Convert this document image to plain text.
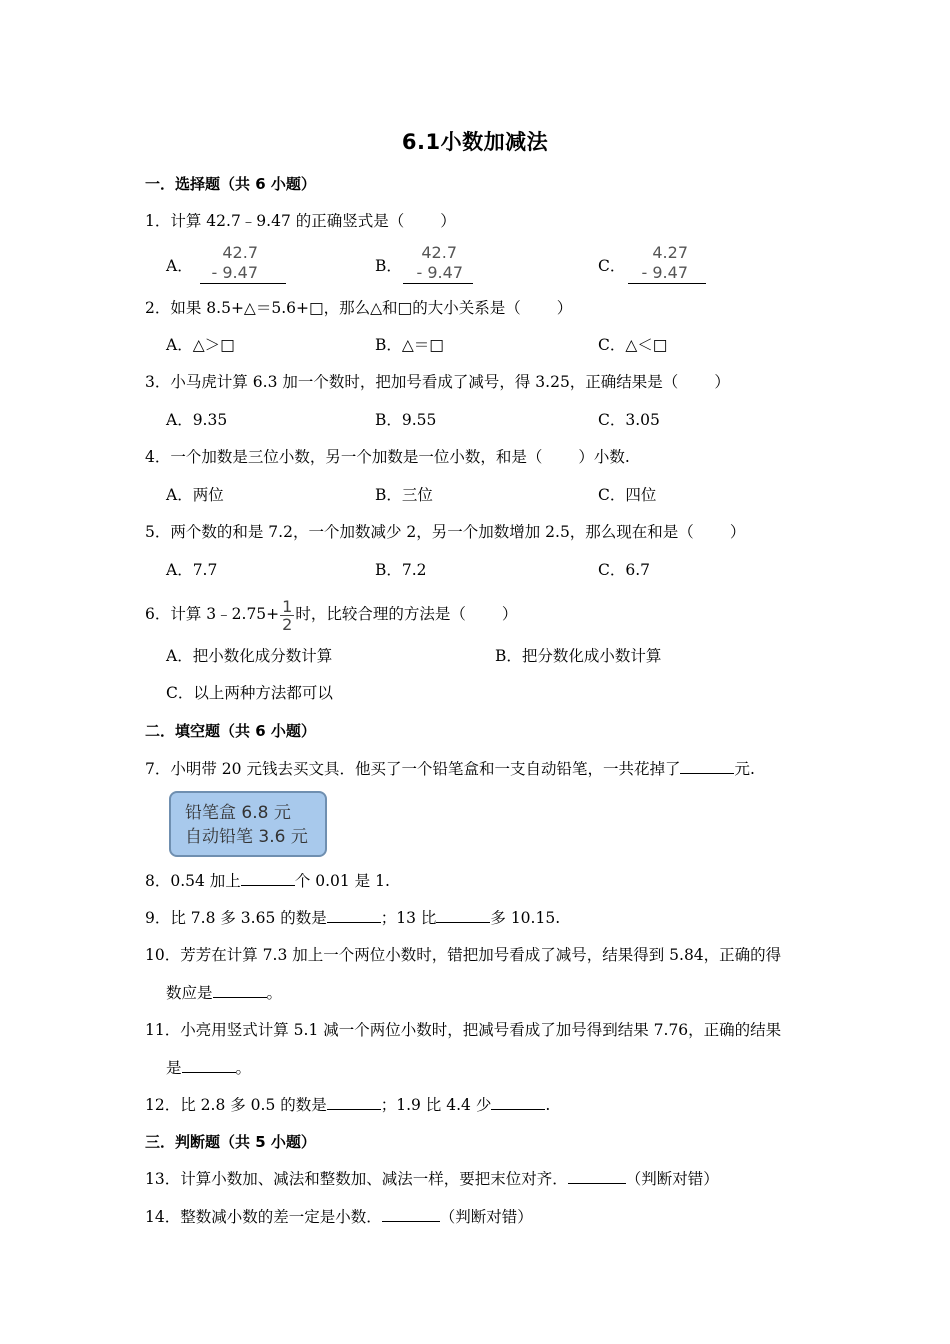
6.1小数加减法
一．选择题（共 6 小题）
1．计算 42.7﹣9.47 的正确竖式是（ ）
A．
42.7
- 9.47	B．
42.7
- 9.47	C．
4.27
- 9.47
2．如果 8.5+△＝5.6+□，那么△和□的大小关系是（ ）
A．△＞□	B．△＝□	C．△＜□
3．小马虎计算 6.3 加一个数时，把加号看成了减号，得 3.25，正确结果是（ ）
A．9.35	B．9.55	C．3.05
4．一个加数是三位小数，另一个加数是一位小数，和是（ ）小数.
A．两位	B．三位	C．四位
5．两个数的和是 7.2，一个加数减少 2，另一个加数增加 2.5，那么现在和是（ ）
A．7.7	B．7.2	C．6.7
6．计算 3﹣2.75+ $\frac{1}{2}$ 时，比较合理的方法是（ ）
A．把小数化成分数计算	B．把分数化成小数计算
C．以上两种方法都可以
二．填空题（共 6 小题）
7．小明带 20 元钱去买文具．他买了一个铅笔盒和一支自动铅笔，一共花掉了	元.
铅笔盒 6.8 元
自动铅笔 3.6 元
8．0.54 加上	个 0.01 是 1.
9．比 7.8 多 3.65 的数是	；13 比	多 10.15.
10．芳芳在计算 7.3 加上一个两位小数时，错把加号看成了减号，结果得到 5.84，正确的得
数应是	。
11．小亮用竖式计算 5.1 减一个两位小数时，把减号看成了加号得到结果 7.76，正确的结果
是	。
12．比 2.8 多 0.5 的数是	；1.9 比 4.4 少	.
三．判断题（共 5 小题）
13．计算小数加、减法和整数加、减法一样，要把末位对齐．	（判断对错）
14．整数减小数的差一定是小数．	（判断对错）
